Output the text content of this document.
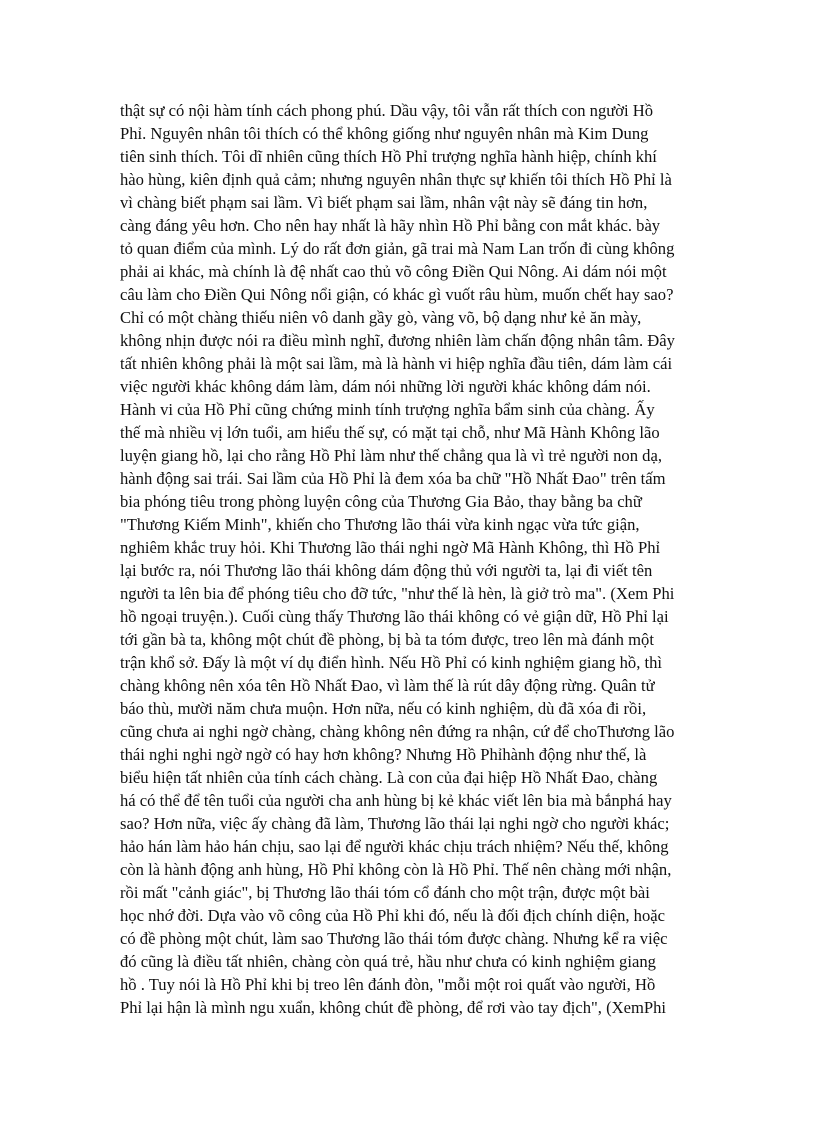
thật sự có nội hàm tính cách phong phú. Dầu vậy, tôi vẫn rất thích con người Hồ
Phỉ. Nguyên nhân tôi thích có thể không giống như nguyên nhân mà Kim Dung
tiên sinh thích. Tôi dĩ nhiên cũng thích Hồ Phỉ trượng nghĩa hành hiệp, chính khí
hào hùng, kiên định quả cảm; nhưng nguyên nhân thực sự khiến tôi thích Hồ Phỉ là
vì chàng biết phạm sai lầm. Vì biết phạm sai lầm, nhân vật này sẽ đáng tin hơn,
càng đáng yêu hơn. Cho nên hay nhất là hãy nhìn Hồ Phỉ bằng con mắt khác. bày
tỏ quan điểm của mình. Lý do rất đơn giản, gã trai mà Nam Lan trốn đi cùng không
phải ai khác, mà chính là đệ nhất cao thủ võ công Điền Qui Nông. Ai dám nói một
câu làm cho Điền Qui Nông nổi giận, có khác gì vuốt râu hùm, muốn chết hay sao?
Chỉ có một chàng thiếu niên vô danh gầy gò, vàng võ, bộ dạng như kẻ ăn mày,
không nhịn được nói ra điều mình nghĩ, đương nhiên làm chấn động nhân tâm. Đây
tất nhiên không phải là một sai lầm, mà là hành vi hiệp nghĩa đầu tiên, dám làm cái
việc người khác không dám làm, dám nói những lời người khác không dám nói.
Hành vi của Hồ Phỉ cũng chứng minh tính trượng nghĩa bẩm sinh của chàng. Ấy
thế mà nhiều vị lớn tuổi, am hiểu thế sự, có mặt tại chỗ, như Mã Hành Không lão
luyện giang hồ, lại cho rằng Hồ Phỉ làm như thế chẳng qua là vì trẻ người non dạ,
hành động sai trái. Sai lầm của Hồ Phỉ là đem xóa ba chữ "Hồ Nhất Đao" trên tấm
bia phóng tiêu trong phòng luyện công của Thương Gia Bảo, thay bằng ba chữ
"Thương Kiếm Minh", khiến cho Thương lão thái vừa kinh ngạc vừa tức giận,
nghiêm khắc truy hỏi. Khi Thương lão thái nghi ngờ Mã Hành Không, thì Hồ Phỉ
lại bước ra, nói Thương lão thái không dám động thủ với người ta, lại đi viết tên
người ta lên bia để phóng tiêu cho đỡ tức, "như thế là hèn, là giở trò ma". (Xem Phi
hồ ngoại truyện.). Cuối cùng thấy Thương lão thái không có vẻ giận dữ, Hồ Phỉ lại
tới gần bà ta, không một chút đề phòng, bị bà ta tóm được, treo lên mà đánh một
trận khổ sở. Đấy là một ví dụ điển hình. Nếu Hồ Phỉ có kinh nghiệm giang hồ, thì
chàng không nên xóa tên Hồ Nhất Đao, vì làm thế là rút dây động rừng. Quân tử
báo thù, mười năm chưa muộn. Hơn nữa, nếu có kinh nghiệm, dù đã xóa đi rồi,
cũng chưa ai nghi ngờ chàng, chàng không nên đứng ra nhận, cứ để choThương lão
thái nghi nghi ngờ ngờ có hay hơn không? Nhưng Hồ Phỉhành động như thế, là
biểu hiện tất nhiên của tính cách chàng. Là con của đại hiệp Hồ Nhất Đao, chàng
há có thể để tên tuổi của người cha anh hùng bị kẻ khác viết lên bia mà bắnphá hay
sao? Hơn nữa, việc ấy chàng đã làm, Thương lão thái lại nghi ngờ cho người khác;
hảo hán làm hảo hán chịu, sao lại để người khác chịu trách nhiệm? Nếu thế, không
còn là hành động anh hùng, Hồ Phỉ không còn là Hồ Phỉ. Thế nên chàng mới nhận,
rồi mất "cảnh giác", bị Thương lão thái tóm cổ đánh cho một trận, được một bài
học nhớ đời. Dựa vào võ công của Hồ Phỉ khi đó, nếu là đối địch chính diện, hoặc
có đề phòng một chút, làm sao Thương lão thái tóm được chàng. Nhưng kể ra việc
đó cũng là điều tất nhiên, chàng còn quá trẻ, hầu như chưa có kinh nghiệm giang
hồ . Tuy nói là Hồ Phỉ khi bị treo lên đánh đòn, "mỗi một roi quất vào người, Hồ
Phỉ lại hận là mình ngu xuẩn, không chút đề phòng, để rơi vào tay địch", (XemPhi
